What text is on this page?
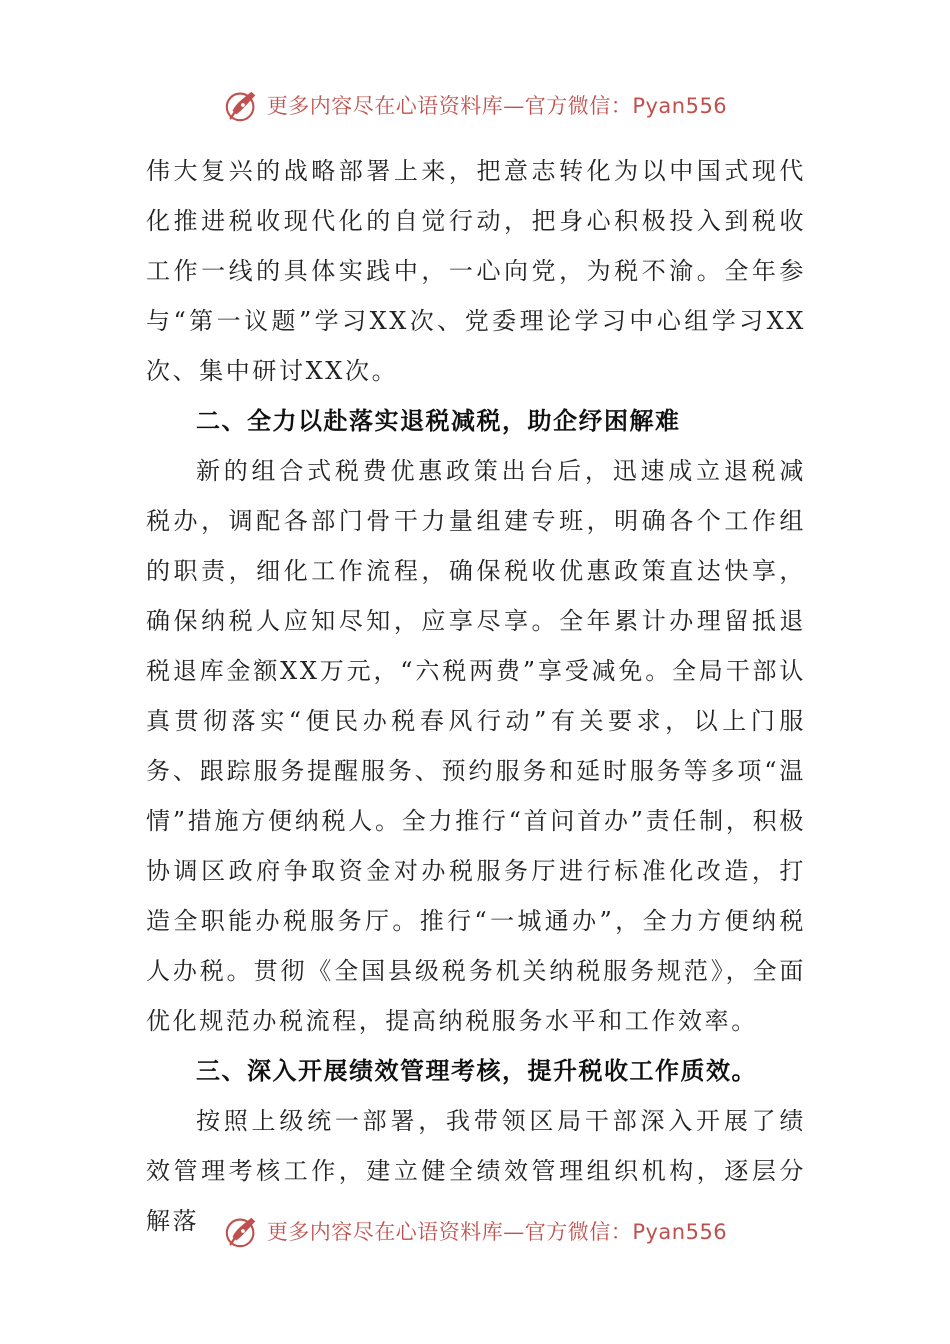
更多内容尽在心语资料库—官方微信：Pyan556

伟大复兴的战略部署上来，把意志转化为以中国式现代化推进税收现代化的自觉行动，把身心积极投入到税收工作一线的具体实践中，一心向党，为税不渝。全年参与“第一议题”学习XX次、党委理论学习中心组学习XX次、集中研讨XX次。

二、全力以赴落实退税减税，助企纾困解难

新的组合式税费优惠政策出台后，迅速成立退税减税办，调配各部门骨干力量组建专班，明确各个工作组的职责，细化工作流程，确保税收优惠政策直达快享，确保纳税人应知尽知，应享尽享。全年累计办理留抵退税退库金额XX万元，“六税两费”享受减免。全局干部认真贯彻落实“便民办税春风行动”有关要求，以上门服务、跟踪服务提醒服务、预约服务和延时服务等多项“温情”措施方便纳税人。全力推行“首问首办”责任制，积极协调区政府争取资金对办税服务厅进行标准化改造，打造全职能办税服务厅。推行“一城通办”，全力方便纳税人办税。贯彻《全国县级税务机关纳税服务规范》，全面优化规范办税流程，提高纳税服务水平和工作效率。

三、深入开展绩效管理考核，提升税收工作质效。

按照上级统一部署，我带领区局干部深入开展了绩效管理考核工作，建立健全绩效管理组织机构，逐层分解落	更多内容尽在心语资料库—官方微信：Pyan556
